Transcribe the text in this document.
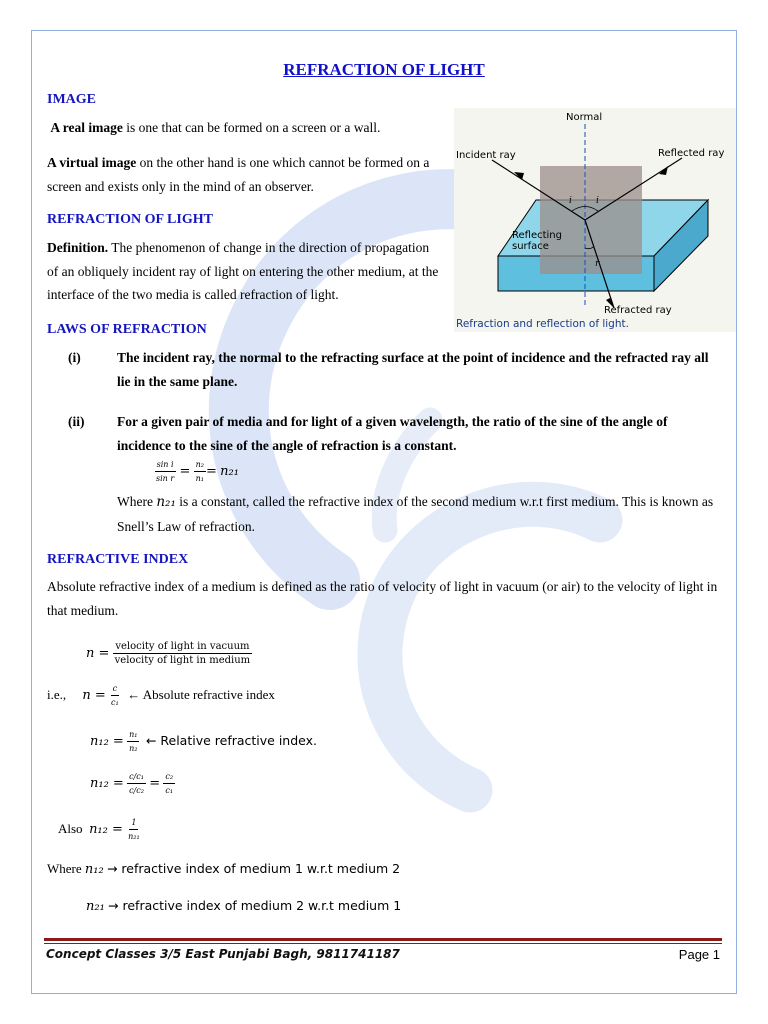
REFRACTION OF LIGHT
IMAGE
A real image is one that can be formed on a screen or a wall.
A virtual image on the other hand is one which cannot be formed on a screen and exists only in the mind of an observer.
REFRACTION OF LIGHT
Definition. The phenomenon of change in the direction of propagation of an obliquely incident ray of light on entering the other medium, at the interface of the two media is called refraction of light.
Normal
Incident ray	Reflected ray
Reflecting surface
Refracted ray
i	i
r
Refraction and reflection of light.
LAWS OF REFRACTION
(i)	The incident ray, the normal to the refracting surface at the point of incidence and the refracted ray all lie in the same plane.
(ii) For a given pair of media and for light of a given wavelength, the ratio of the sine of the angle of incidence to the sine of the angle of refraction is a constant.
$\frac{\text{sin i}}{\text{sin r}} = \frac{\text{n₂}}{\text{n₁}} = n_{21}$
Where n₂₁ is a constant, called the refractive index of the second medium w.r.t first medium. This is known as Snell’s Law of refraction.
REFRACTIVE INDEX
Absolute refractive index of a medium is defined as the ratio of velocity of light in vacuum (or air) to the velocity of light in that medium.
$n = \frac{\text{velocity of light in vacuum}}{\text{velocity of light in medium}}$
i.e., $n = \frac{c}{\text{c₁}}$ ← Absolute refractive index
$n_{12} = \frac{\text{n₁}}{\text{n₂}}$ ← Relative refractive index.
$n_{12} = \frac{\text{c/c₁}}{\text{c/c₂}} = \frac{\text{c₂}}{\text{c₁}}$
Also $n_{12} = \frac{1}{\text{n₂₁}}$
Where n₁₂ → refractive index of medium 1 w.r.t medium 2
n₂₁ → refractive index of medium 2 w.r.t medium 1
Concept Classes 3/5 East Punjabi Bagh, 9811741187	Page 1
